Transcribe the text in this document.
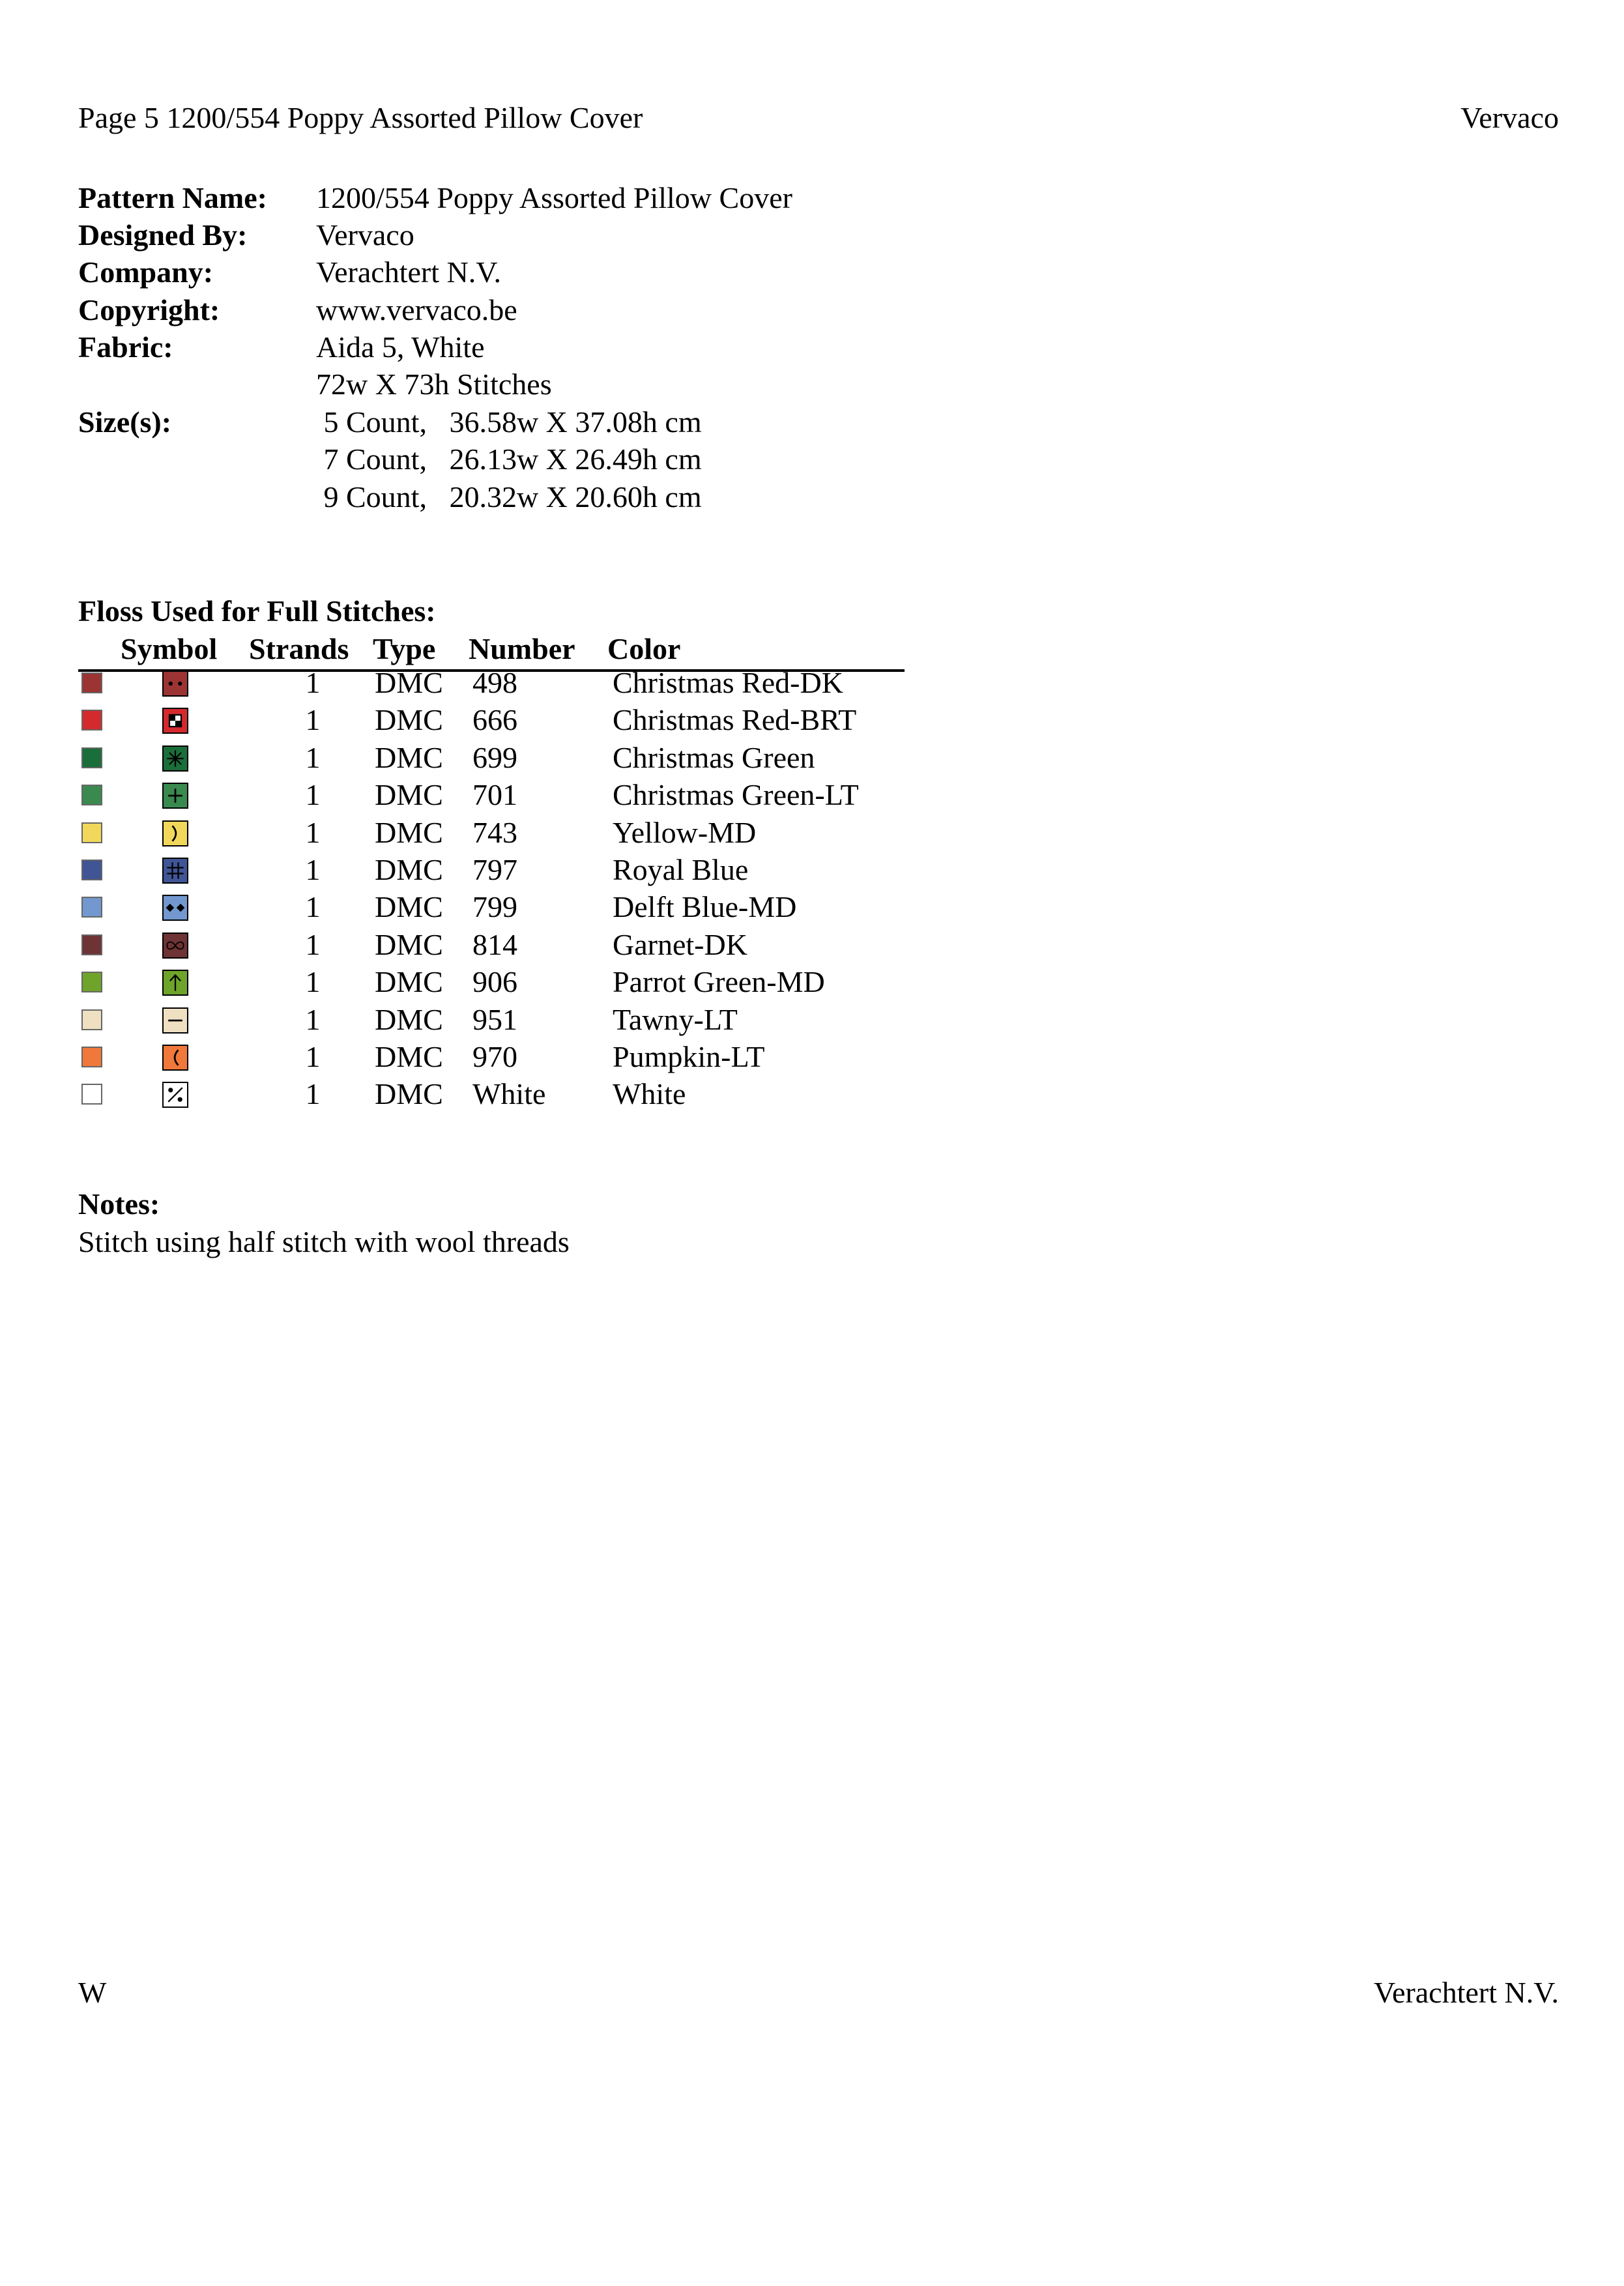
Page 5 1200/554 Poppy Assorted Pillow Cover	Vervaco
Pattern Name: 1200/554 Poppy Assorted Pillow Cover
Designed By: Vervaco
Company:	Verachtert N.V.
Copyright:	www.vervaco.be
Fabric:	Aida 5, White
72w X 73h Stitches
Size(s):	5 Count,   36.58w X 37.08h cm
7 Count,   26.13w X 26.49h cm
9 Count,   20.32w X 20.60h cm
Floss Used for Full Stitches:
Symbol Strands Type Number Color
1 DMC 498	Christmas Red-DK
1 DMC 666	Christmas Red-BRT
1 DMC 699	Christmas Green
1 DMC 701	Christmas Green-LT
1 DMC 743	Yellow-MD
1 DMC 797	Royal Blue
1 DMC 799	Delft Blue-MD
1 DMC 814	Garnet-DK
1 DMC 906	Parrot Green-MD
1 DMC 951	Tawny-LT
1 DMC 970	Pumpkin-LT
1 DMC White White
Notes:
Stitch using half stitch with wool threads
W	Verachtert N.V.
